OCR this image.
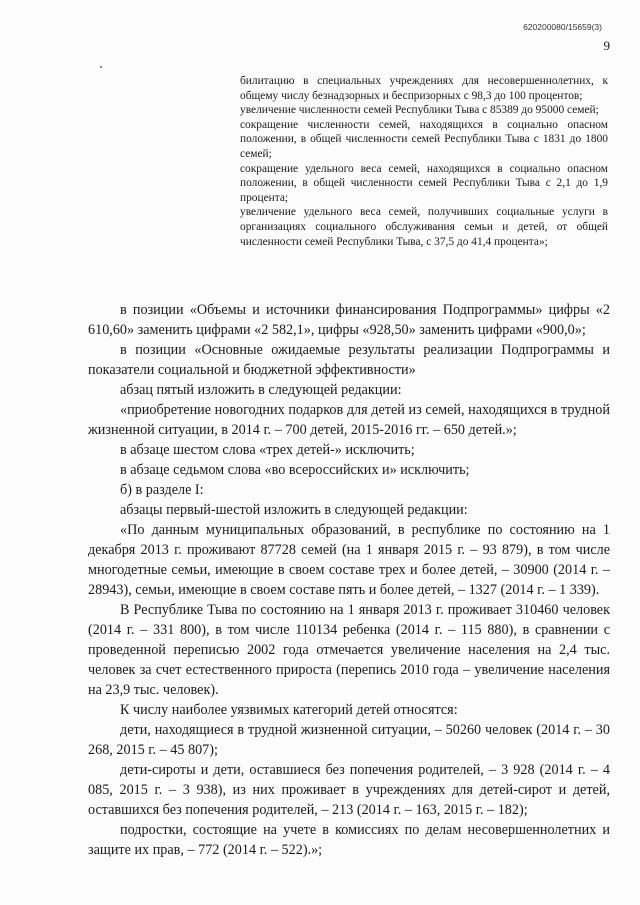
620200080/15659(3)
9

билитацию в специальных учреждениях для несовершеннолетних, к общему числу безнадзорных и беспризорных с 98,3 до 100 процентов;

увеличение численности семей Республики Тыва с 85389 до 95000 семей;

сокращение численности семей, находящихся в социально опасном положении, в общей численности семей Республики Тыва с 1831 до 1800 семей;

сокращение удельного веса семей, находящихся в социально опасном положении, в общей численности семей Республики Тыва с 2,1 до 1,9 процента;

увеличение удельного веса семей, получивших социальные услуги в организациях социального обслуживания семьи и детей, от общей численности семей Республики Тыва, с 37,5 до 41,4 процента»;

в позиции «Объемы и источники финансирования Подпрограммы» цифры «2 610,60» заменить цифрами «2 582,1», цифры «928,50» заменить цифрами «900,0»;

в позиции «Основные ожидаемые результаты реализации Подпрограммы и показатели социальной и бюджетной эффективности»

абзац пятый изложить в следующей редакции:

«приобретение новогодних подарков для детей из семей, находящихся в трудной жизненной ситуации, в 2014 г. – 700 детей, 2015-2016 гг. – 650 детей.»;

в абзаце шестом слова «трех детей-» исключить;

в абзаце седьмом слова «во всероссийских и» исключить;

б) в разделе I:

абзацы первый-шестой изложить в следующей редакции:

«По данным муниципальных образований, в республике по состоянию на 1 декабря 2013 г. проживают 87728 семей (на 1 января 2015 г. – 93 879), в том числе многодетные семьи, имеющие в своем составе трех и более детей, – 30900 (2014 г. – 28943), семьи, имеющие в своем составе пять и более детей, – 1327 (2014 г. – 1 339).

В Республике Тыва по состоянию на 1 января 2013 г. проживает 310460 человек (2014 г. – 331 800), в том числе 110134 ребенка (2014 г. – 115 880), в сравнении с проведенной переписью 2002 года отмечается увеличение населения на 2,4 тыс. человек за счет естественного прироста (перепись 2010 года – увеличение населения на 23,9 тыс. человек).

К числу наиболее уязвимых категорий детей относятся:

дети, находящиеся в трудной жизненной ситуации, – 50260 человек (2014 г. – 30 268, 2015 г. – 45 807);

дети-сироты и дети, оставшиеся без попечения родителей, – 3 928 (2014 г. – 4 085, 2015 г. – 3 938), из них проживает в учреждениях для детей-сирот и детей, оставшихся без попечения родителей, – 213 (2014 г. – 163, 2015 г. – 182);

подростки, состоящие на учете в комиссиях по делам несовершеннолетних и защите их прав, – 772 (2014 г. – 522).»;
